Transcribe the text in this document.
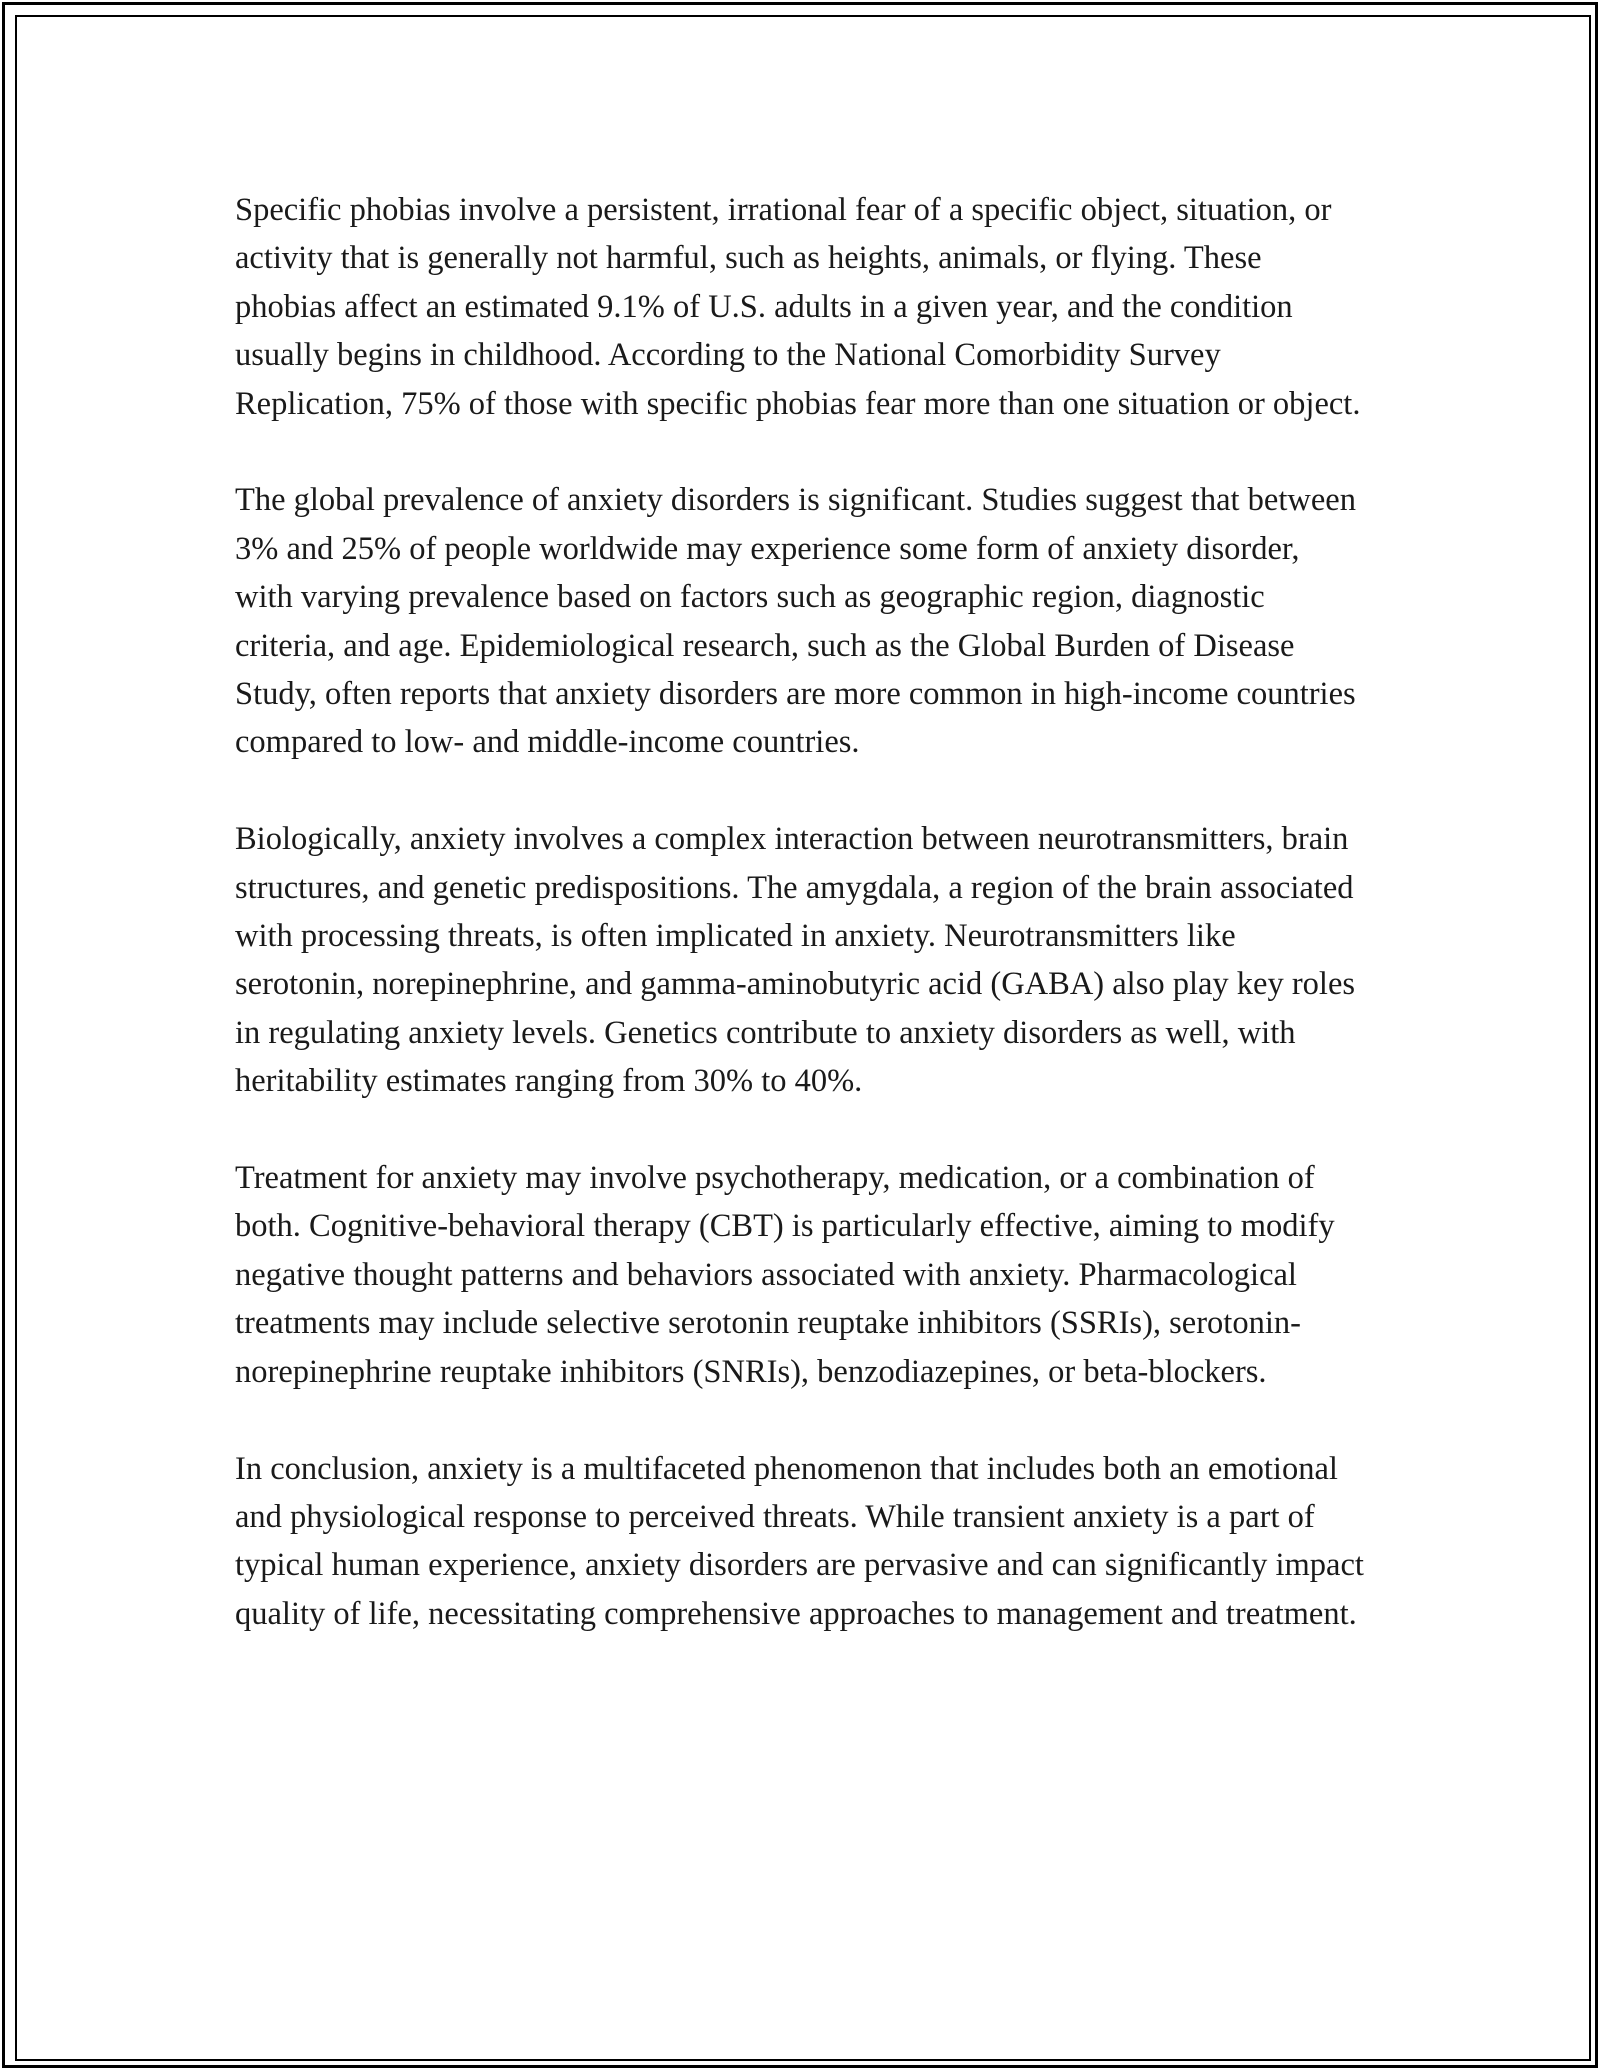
Specific phobias involve a persistent, irrational fear of a specific object, situation, or activity that is generally not harmful, such as heights, animals, or flying. These phobias affect an estimated 9.1% of U.S. adults in a given year, and the condition usually begins in childhood. According to the National Comorbidity Survey Replication, 75% of those with specific phobias fear more than one situation or object.

The global prevalence of anxiety disorders is significant. Studies suggest that between 3% and 25% of people worldwide may experience some form of anxiety disorder, with varying prevalence based on factors such as geographic region, diagnostic criteria, and age. Epidemiological research, such as the Global Burden of Disease Study, often reports that anxiety disorders are more common in high-income countries compared to low- and middle-income countries.

Biologically, anxiety involves a complex interaction between neurotransmitters, brain structures, and genetic predispositions. The amygdala, a region of the brain associated with processing threats, is often implicated in anxiety. Neurotransmitters like serotonin, norepinephrine, and gamma-aminobutyric acid (GABA) also play key roles in regulating anxiety levels. Genetics contribute to anxiety disorders as well, with heritability estimates ranging from 30% to 40%.

Treatment for anxiety may involve psychotherapy, medication, or a combination of both. Cognitive-behavioral therapy (CBT) is particularly effective, aiming to modify negative thought patterns and behaviors associated with anxiety. Pharmacological treatments may include selective serotonin reuptake inhibitors (SSRIs), serotonin-norepinephrine reuptake inhibitors (SNRIs), benzodiazepines, or beta-blockers.

In conclusion, anxiety is a multifaceted phenomenon that includes both an emotional and physiological response to perceived threats. While transient anxiety is a part of typical human experience, anxiety disorders are pervasive and can significantly impact quality of life, necessitating comprehensive approaches to management and treatment.
